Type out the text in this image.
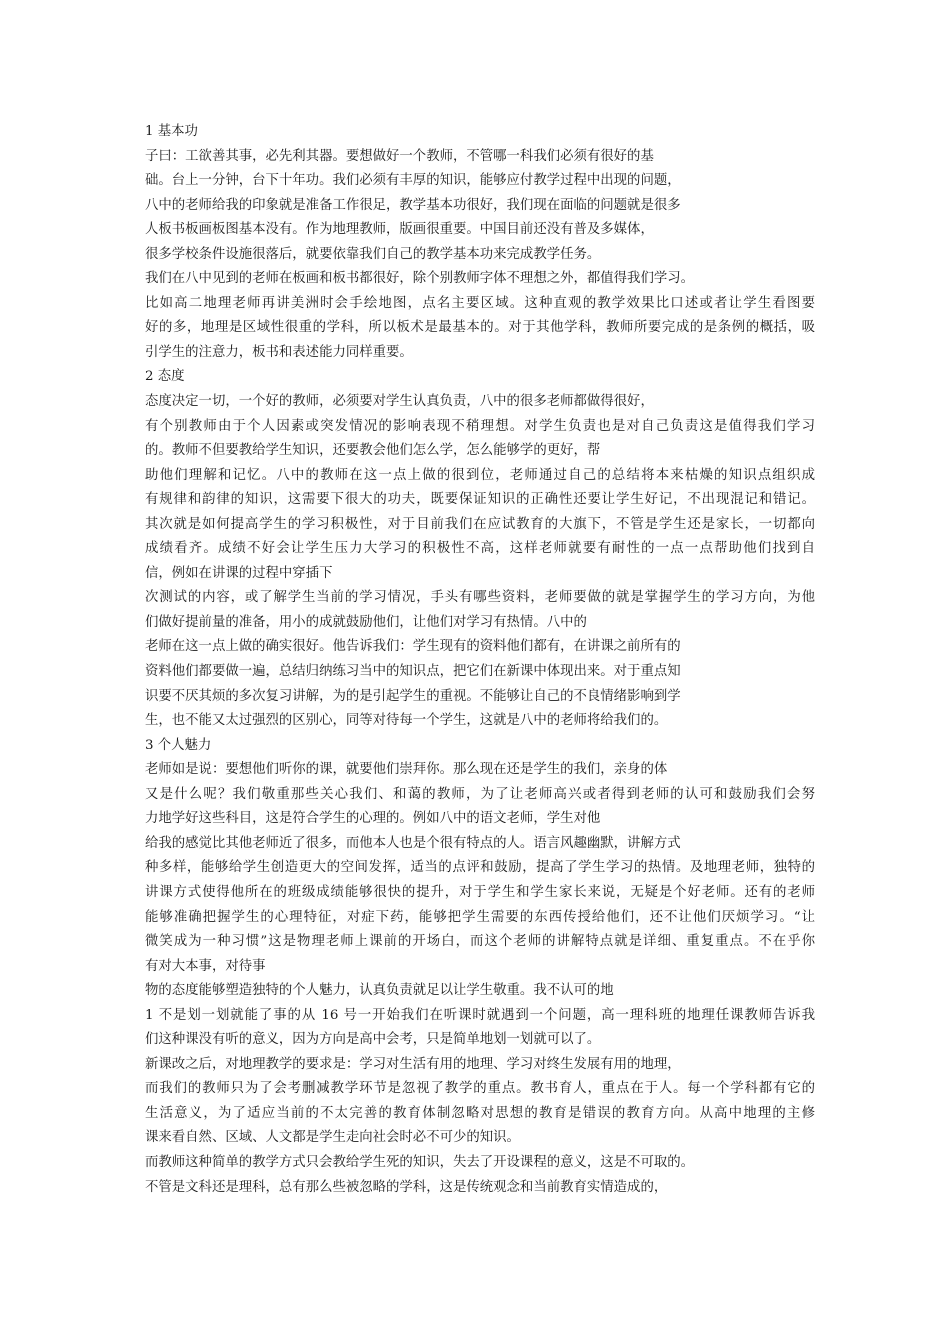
1 基本功
子曰：工欲善其事，必先利其器。要想做好一个教师，不管哪一科我们必须有很好的基
础。台上一分钟，台下十年功。我们必须有丰厚的知识，能够应付教学过程中出现的问题，
八中的老师给我的印象就是准备工作很足，教学基本功很好，我们现在面临的问题就是很多
人板书板画板图基本没有。作为地理教师，版画很重要。中国目前还没有普及多媒体，
很多学校条件设施很落后，就要依靠我们自己的教学基本功来完成教学任务。
我们在八中见到的老师在板画和板书都很好，除个别教师字体不理想之外，都值得我们学习。
比如高二地理老师再讲美洲时会手绘地图，点名主要区域。这种直观的教学效果比口述或者让学生看图要
好的多，地理是区域性很重的学科，所以板术是最基本的。对于其他学科，教师所要完成的是条例的概括，吸
引学生的注意力，板书和表述能力同样重要。
2 态度
态度决定一切，一个好的教师，必须要对学生认真负责，八中的很多老师都做得很好，
有个别教师由于个人因素或突发情况的影响表现不稍理想。对学生负责也是对自己负责这是值得我们学习
的。教师不但要教给学生知识，还要教会他们怎么学，怎么能够学的更好，帮
助他们理解和记忆。八中的教师在这一点上做的很到位，老师通过自己的总结将本来枯燥的知识点组织成
有规律和韵律的知识，这需要下很大的功夫，既要保证知识的正确性还要让学生好记，不出现混记和错记。
其次就是如何提高学生的学习积极性，对于目前我们在应试教育的大旗下，不管是学生还是家长，一切都向
成绩看齐。成绩不好会让学生压力大学习的积极性不高，这样老师就要有耐性的一点一点帮助他们找到自
信，例如在讲课的过程中穿插下
次测试的内容，或了解学生当前的学习情况，手头有哪些资料，老师要做的就是掌握学生的学习方向，为他
们做好提前量的准备，用小的成就鼓励他们，让他们对学习有热情。八中的
老师在这一点上做的确实很好。他告诉我们：学生现有的资料他们都有，在讲课之前所有的
资料他们都要做一遍，总结归纳练习当中的知识点，把它们在新课中体现出来。对于重点知
识要不厌其烦的多次复习讲解，为的是引起学生的重视。不能够让自己的不良情绪影响到学
生，也不能又太过强烈的区别心，同等对待每一个学生，这就是八中的老师将给我们的。
3 个人魅力
老师如是说：要想他们听你的课，就要他们崇拜你。那么现在还是学生的我们，亲身的体
又是什么呢？我们敬重那些关心我们、和蔼的教师，为了让老师高兴或者得到老师的认可和鼓励我们会努
力地学好这些科目，这是符合学生的心理的。例如八中的语文老师，学生对他
给我的感觉比其他老师近了很多，而他本人也是个很有特点的人。语言风趣幽默，讲解方式
种多样，能够给学生创造更大的空间发挥，适当的点评和鼓励，提高了学生学习的热情。及地理老师，独特的
讲课方式使得他所在的班级成绩能够很快的提升，对于学生和学生家长来说，无疑是个好老师。还有的老师
能够准确把握学生的心理特征，对症下药，能够把学生需要的东西传授给他们，还不让他们厌烦学习。“让
微笑成为一种习惯”这是物理老师上课前的开场白，而这个老师的讲解特点就是详细、重复重点。不在乎你
有对大本事，对待事
物的态度能够塑造独特的个人魅力，认真负责就足以让学生敬重。我不认可的地
1 不是划一划就能了事的从 16 号一开始我们在听课时就遇到一个问题，高一理科班的地理任课教师告诉我
们这种课没有听的意义，因为方向是高中会考，只是简单地划一划就可以了。
新课改之后，对地理教学的要求是：学习对生活有用的地理、学习对终生发展有用的地理，
而我们的教师只为了会考删减教学环节是忽视了教学的重点。教书育人，重点在于人。每一个学科都有它的
生活意义，为了适应当前的不太完善的教育体制忽略对思想的教育是错误的教育方向。从高中地理的主修
课来看自然、区域、人文都是学生走向社会时必不可少的知识。
而教师这种简单的教学方式只会教给学生死的知识，失去了开设课程的意义，这是不可取的。
不管是文科还是理科，总有那么些被忽略的学科，这是传统观念和当前教育实情造成的，
